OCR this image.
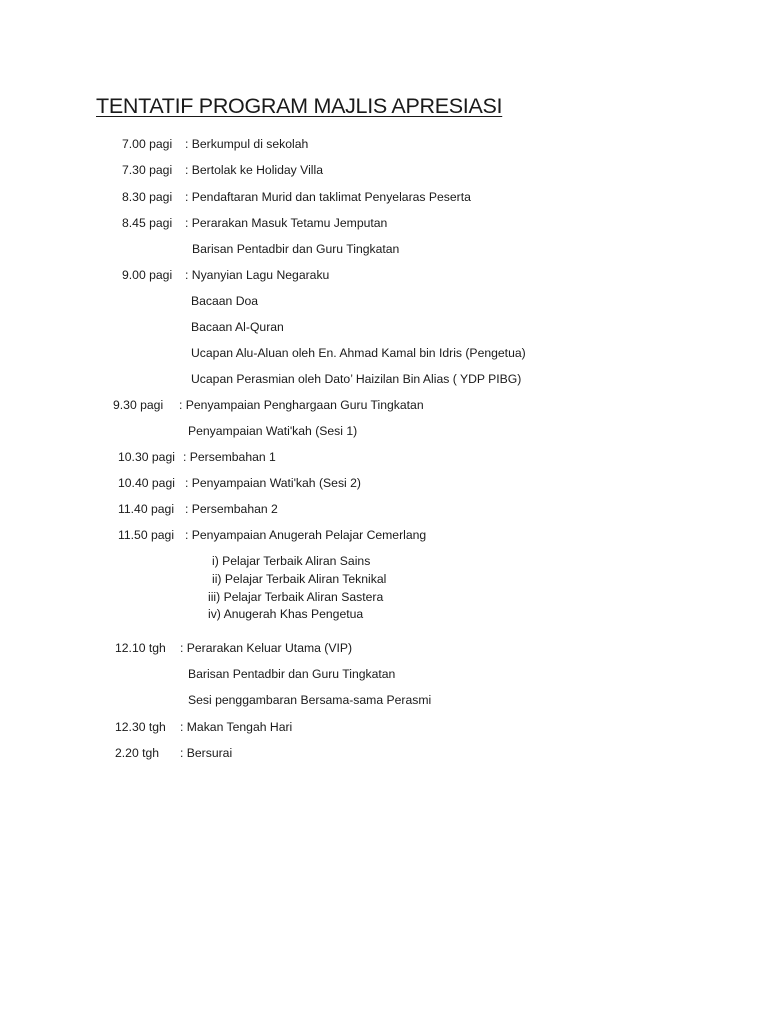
TENTATIF PROGRAM MAJLIS APRESIASI
7.00 pagi : Berkumpul di sekolah
7.30 pagi : Bertolak ke Holiday Villa
8.30 pagi : Pendaftaran Murid dan taklimat Penyelaras Peserta
8.45 pagi : Perarakan Masuk Tetamu Jemputan
Barisan Pentadbir dan Guru Tingkatan
9.00 pagi : Nyanyian Lagu Negaraku
Bacaan Doa
Bacaan Al-Quran
Ucapan Alu-Aluan oleh En. Ahmad Kamal bin Idris (Pengetua)
Ucapan Perasmian oleh Dato’ Haizilan Bin Alias ( YDP PIBG)
9.30 pagi : Penyampaian Penghargaan Guru Tingkatan
Penyampaian Wati'kah (Sesi 1)
10.30 pagi : Persembahan 1
10.40 pagi : Penyampaian Wati'kah (Sesi 2)
11.40 pagi : Persembahan 2
11.50 pagi : Penyampaian Anugerah Pelajar Cemerlang
i) Pelajar Terbaik Aliran Sains
ii) Pelajar Terbaik Aliran Teknikal
iii) Pelajar Terbaik Aliran Sastera
iv) Anugerah Khas Pengetua
12.10 tgh : Perarakan Keluar Utama (VIP)
Barisan Pentadbir dan Guru Tingkatan
Sesi penggambaran Bersama-sama Perasmi
12.30 tgh : Makan Tengah Hari
2.20 tgh : Bersurai
